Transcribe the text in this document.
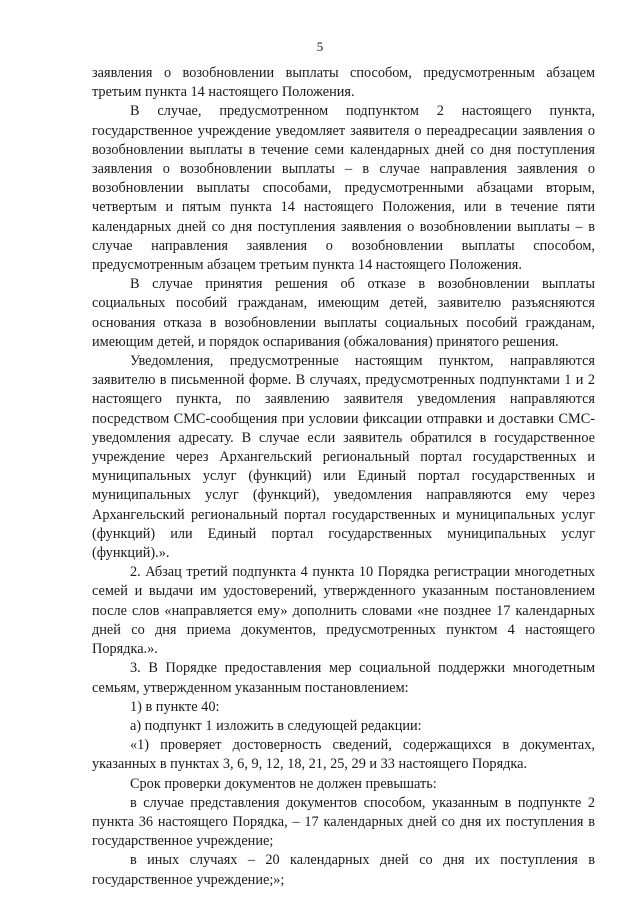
5

заявления о возобновлении выплаты способом, предусмотренным абзацем третьим пункта 14 настоящего Положения.

В случае, предусмотренном подпунктом 2 настоящего пункта, государственное учреждение уведомляет заявителя о переадресации заявления о возобновлении выплаты в течение семи календарных дней со дня поступления заявления о возобновлении выплаты – в случае направления заявления о возобновлении выплаты способами, предусмотренными абзацами вторым, четвертым и пятым пункта 14 настоящего Положения, или в течение пяти календарных дней со дня поступления заявления о возобновлении выплаты – в случае направления заявления о возобновлении выплаты способом, предусмотренным абзацем третьим пункта 14 настоящего Положения.

В случае принятия решения об отказе в возобновлении выплаты социальных пособий гражданам, имеющим детей, заявителю разъясняются основания отказа в возобновлении выплаты социальных пособий гражданам, имеющим детей, и порядок оспаривания (обжалования) принятого решения.

Уведомления, предусмотренные настоящим пунктом, направляются заявителю в письменной форме. В случаях, предусмотренных подпунктами 1 и 2 настоящего пункта, по заявлению заявителя уведомления направляются посредством СМС-сообщения при условии фиксации отправки и доставки СМС-уведомления адресату. В случае если заявитель обратился в государственное учреждение через Архангельский региональный портал государственных и муниципальных услуг (функций) или Единый портал государственных и муниципальных услуг (функций), уведомления направляются ему через Архангельский региональный портал государственных и муниципальных услуг (функций) или Единый портал государственных муниципальных услуг (функций).».

2. Абзац третий подпункта 4 пункта 10 Порядка регистрации многодетных семей и выдачи им удостоверений, утвержденного указанным постановлением после слов «направляется ему» дополнить словами «не позднее 17 календарных дней со дня приема документов, предусмотренных пунктом 4 настоящего Порядка.».

3. В Порядке предоставления мер социальной поддержки многодетным семьям, утвержденном указанным постановлением:

1) в пункте 40:

а) подпункт 1 изложить в следующей редакции:

«1) проверяет достоверность сведений, содержащихся в документах, указанных в пунктах 3, 6, 9, 12, 18, 21, 25, 29 и 33 настоящего Порядка.

Срок проверки документов не должен превышать:

в случае представления документов способом, указанным в подпункте 2 пункта 36 настоящего Порядка, – 17 календарных дней со дня их поступления в государственное учреждение;

в иных случаях – 20 календарных дней со дня их поступления в государственное учреждение;»;
